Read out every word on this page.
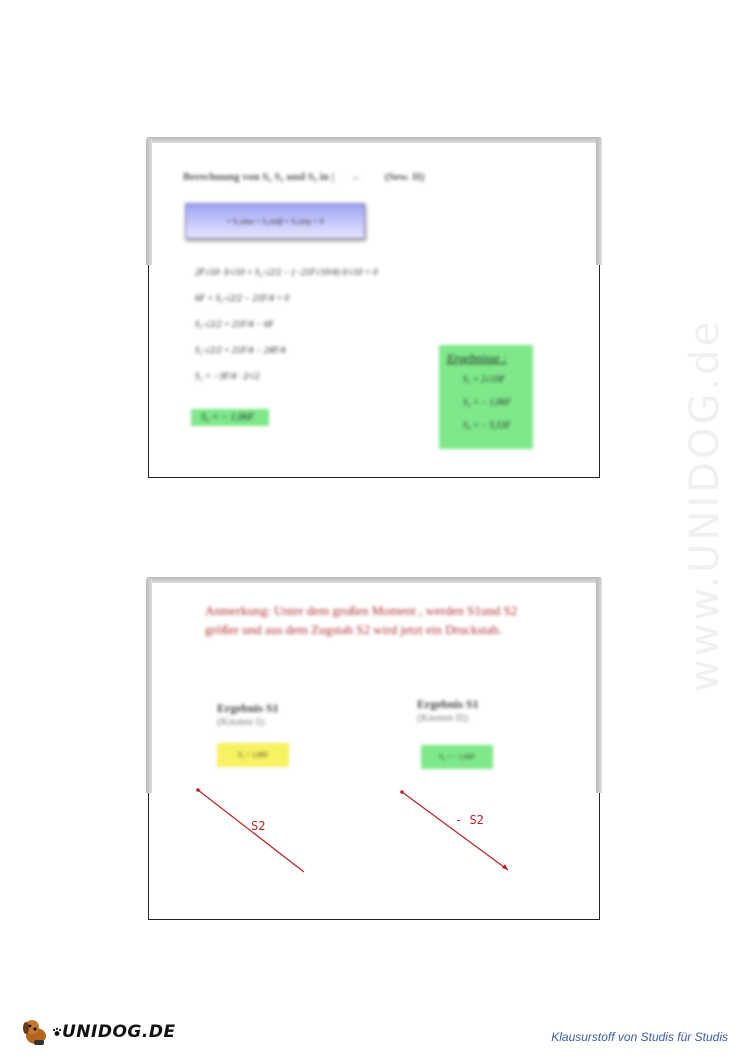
Berechnung von S₁ S₂ und S₃ in | ← (Sew. II)
= S₁sinα + S₂sinβ + S₃sinγ = 0
2F√10· 3/√10 + S₂·√2/2 − (−21F√10/4)·3/√10 = 0
6F + S₂·√2/2 − 21F/4 = 0
S₂·√2/2 = 21F/4 − 6F
S₂·√2/2 = 21F/4 − 24F/4
S₂ = −3F/4 · 2/√2
S₂ = − 1,06F
Ergebnisse :
S₁ = 2√10F
S₂ = − 1,06F
S₃ = − 5,53F
Anmerkung: Unter dem großen Moment , werden S1und S2 größer und aus dem Zugstab S2 wird jetzt ein Druckstab.
Ergebnis S1
(Knoten I):
S₂ = 1,06F
Ergebnis S1
(Knoten II):
S₂ = − 1,06F
S2	- S2
www.UNIDOG.de
UNIDOG.DE	Klausurstoff von Studis für Studis
